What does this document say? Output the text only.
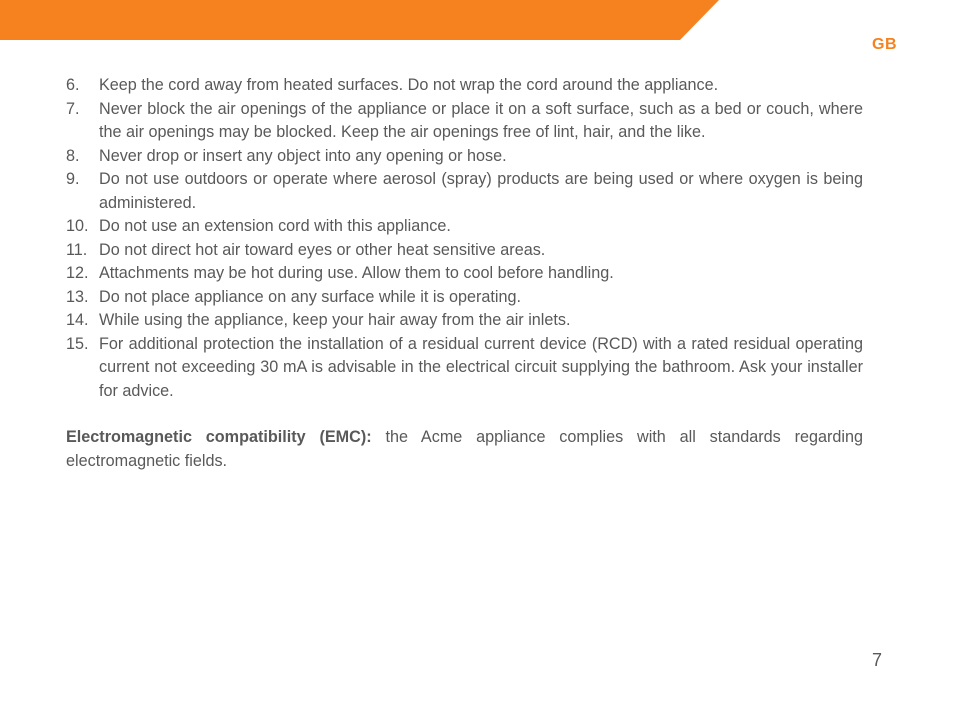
GB
6.	Keep the cord away from heated surfaces. Do not wrap the cord around the appliance.
7.	Never block the air openings of the appliance or place it on a soft surface, such as a bed or couch, where the air openings may be blocked. Keep the air openings free of lint, hair, and the like.
8.	Never drop or insert any object into any opening or hose.
9.	Do not use outdoors or operate where aerosol (spray) products are being used or where oxygen is being administered.
10. Do not use an extension cord with this appliance.
11. Do not direct hot air toward eyes or other heat sensitive areas.
12. Attachments may be hot during use. Allow them to cool before handling.
13. Do not place appliance on any surface while it is operating.
14. While using the appliance, keep your hair away from the air inlets.
15. For additional protection the installation of a residual current device (RCD) with a rated residual operating current not exceeding 30 mA is advisable in the electrical circuit supplying the bathroom. Ask your installer for advice.

Electromagnetic compatibility (EMC): the Acme appliance complies with all standards regarding electromagnetic fields.

7
